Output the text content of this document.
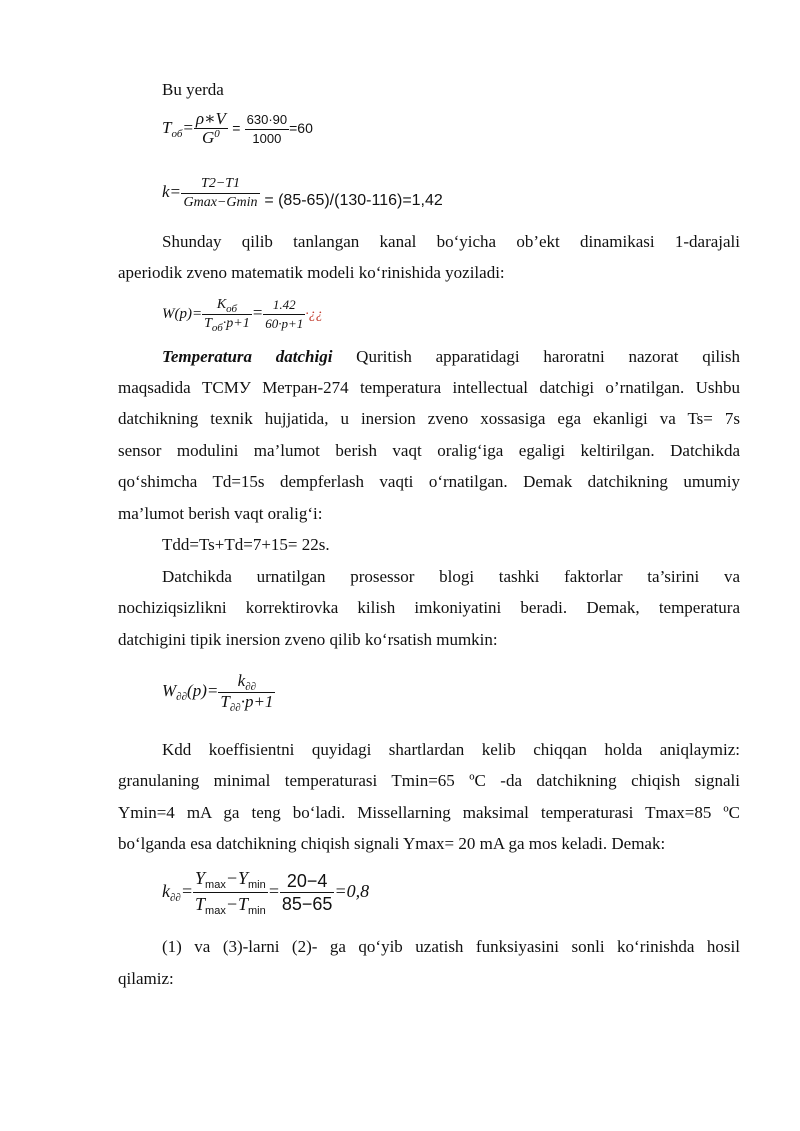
Bu yerda
$T_{об}= \frac{\rho∗V}{G^0} = \frac{630\cdot 90}{1000} =60$
$k= \frac{T2-T1}{Gmax-Gmin} = (85-65)/(130-116)=1,42$
Shunday qilib tanlangan kanal bo‘yicha ob’ekt dinamikasi 1-darajali
aperiodik zveno matematik modeli ko‘rinishida yoziladi:
$W(p)= \frac{K_{об}}{T_{об}\cdot p+1} = \frac{1.42}{60\cdot p+1}$ ·¿¿
Temperatura datchigi Quritish apparatidagi haroratni nazorat qilish
maqsadida ТСМУ Метран-274 temperatura intellectual datchigi o’rnatilgan. Ushbu
datchikning texnik hujjatida, u inersion zveno xossasiga ega ekanligi va Ts= 7s
sensor modulini ma’lumot berish vaqt oralig‘iga egaligi keltirilgan. Datchikda
qo‘shimcha Td=15s dempferlash vaqti o‘rnatilgan. Demak datchikning umumiy
ma’lumot berish vaqt oralig‘i:
Tdd=Ts+Td=7+15= 22s.
Datchikda urnatilgan prosessor blogi tashki faktorlar ta’sirini va
nochiziqsizlikni korrektirovka kilish imkoniyatini beradi. Demak, temperatura
datchigini tipik inersion zveno qilib ko‘rsatish mumkin:
$W_{\partial\partial}(p)= \frac{k_{\partial\partial}}{T_{\partial\partial}\cdot p+1}$
Kdd koeffisientni quyidagi shartlardan kelib chiqqan holda aniqlaymiz:
granulaning minimal temperaturasi Tmin=65 ºC -da datchikning chiqish signali
Ymin=4 mA ga teng bo‘ladi. Missellarning maksimal temperaturasi Tmax=85 ºC
bo‘lganda esa datchikning chiqish signali Ymax= 20 mA ga mos keladi. Demak:
$k_{\partial\partial}= \frac{Y_{max}-Y_{min}}{T_{max}-T_{min}} = \frac{20-4}{85-65} =0,8$
(1) va (3)-larni (2)- ga qo‘yib uzatish funksiyasini sonli ko‘rinishda hosil
qilamiz:
